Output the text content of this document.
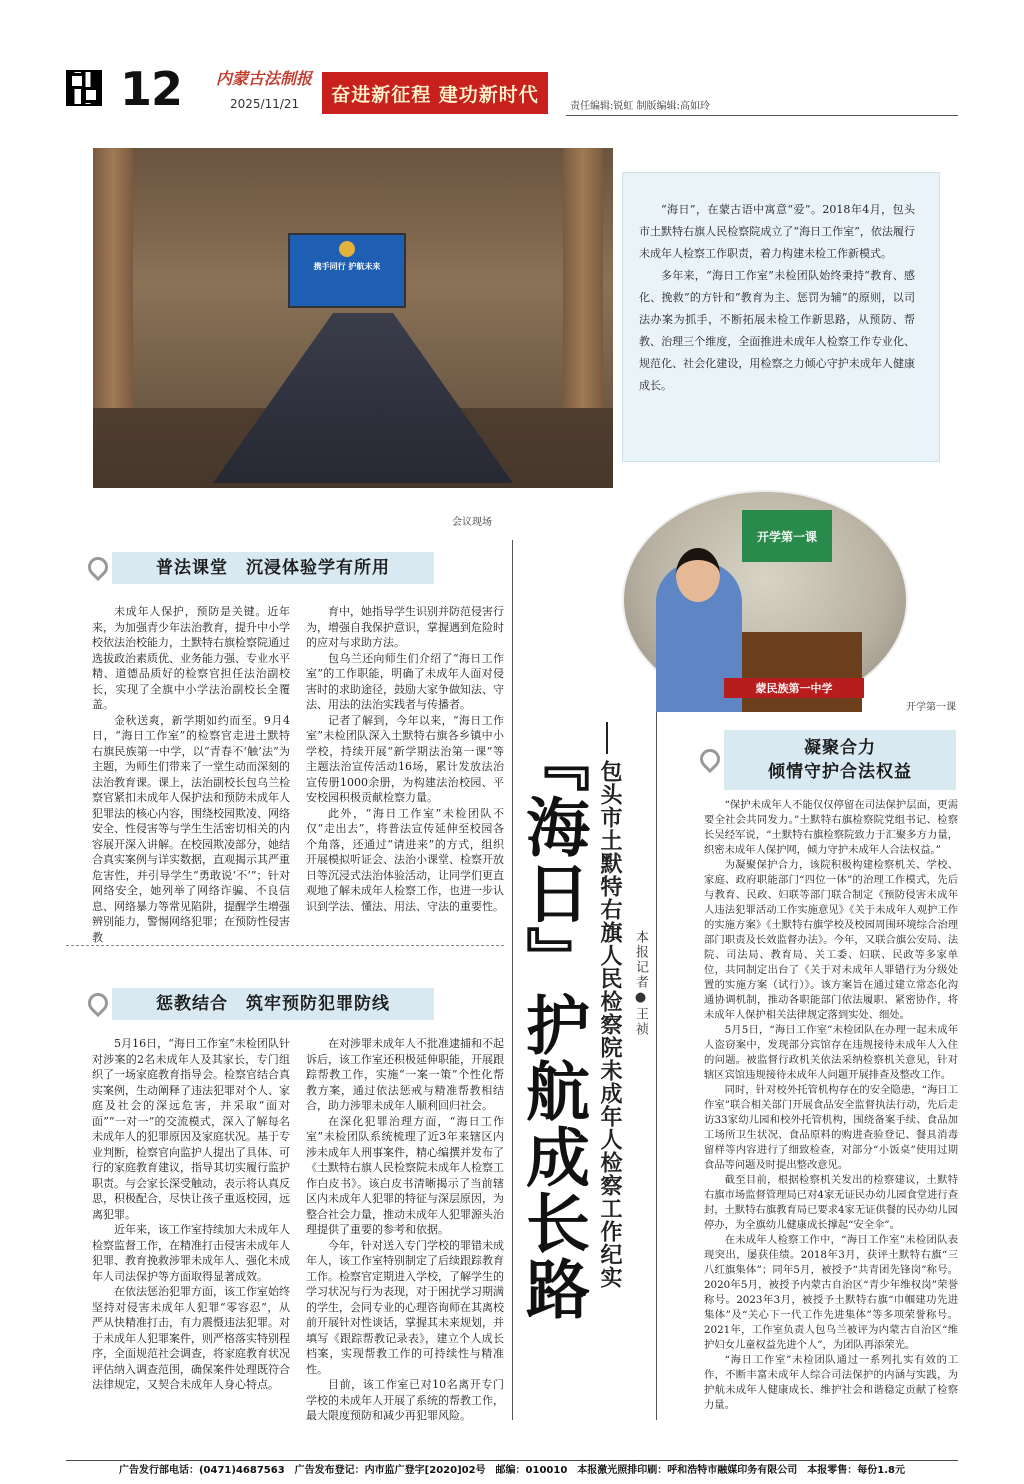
12 内蒙古法制报
2025/11/21	奋进新征程 建功新时代
责任编辑:锐虹 制版编辑:高如玲
携手同行 护航未来
会议现场

“海日”，在蒙古语中寓意“爱”。2018年4月，包头市土默特右旗人民检察院成立了“海日工作室”，依法履行未成年人检察工作职责，着力构建未检工作新模式。

多年来，“海日工作室”未检团队始终秉持“教育、感化、挽救”的方针和“教育为主、惩罚为辅”的原则，以司法办案为抓手，不断拓展未检工作新思路，从预防、帮教、治理三个维度，全面推进未成年人检察工作专业化、规范化、社会化建设，用检察之力倾心守护未成年人健康成长。

开学第一课
蒙民族第一中学
开学第一课
普法课堂　沉浸体验学有所用

未成年人保护，预防是关键。近年来，为加强青少年法治教育，提升中小学校依法治校能力，土默特右旗检察院通过选拔政治素质优、业务能力强、专业水平精、道德品质好的检察官担任法治副校长，实现了全旗中小学法治副校长全覆盖。

金秋送爽，新学期如约而至。9月4日，“海日工作室”的检察官走进土默特右旗民族第一中学，以“青春不‘触’法”为主题，为师生们带来了一堂生动而深刻的法治教育课。课上，法治副校长包乌兰检察官紧扣未成年人保护法和预防未成年人犯罪法的核心内容，围绕校园欺凌、网络安全、性侵害等与学生生活密切相关的内容展开深入讲解。在校园欺凌部分，她结合真实案例与详实数据，直观揭示其严重危害性，并引导学生“勇敢说‘不’”；针对网络安全，她列举了网络诈骗、不良信息、网络暴力等常见陷阱，提醒学生增强辨别能力，警惕网络犯罪；在预防性侵害教

育中，她指导学生识别并防范侵害行为，增强自我保护意识，掌握遇到危险时的应对与求助方法。

包乌兰还向师生们介绍了“海日工作室”的工作职能，明确了未成年人面对侵害时的求助途径，鼓励大家争做知法、守法、用法的法治实践者与传播者。

记者了解到，今年以来，“海日工作室”未检团队深入土默特右旗各乡镇中小学校，持续开展“新学期法治第一课”等主题法治宣传活动16场，累计发放法治宣传册1000余册，为构建法治校园、平安校园积极贡献检察力量。

此外，“海日工作室”未检团队不仅“走出去”，将普法宣传延伸至校园各个角落，还通过“请进来”的方式，组织开展模拟听证会、法治小课堂、检察开放日等沉浸式法治体验活动，让同学们更直观地了解未成年人检察工作，也进一步认识到学法、懂法、用法、守法的重要性。

惩教结合　筑牢预防犯罪防线

5月16日，“海日工作室”未检团队针对涉案的2名未成年人及其家长，专门组织了一场家庭教育指导会。检察官结合真实案例，生动阐释了违法犯罪对个人、家庭及社会的深远危害，并采取“面对面”“一对一”的交流模式，深入了解每名未成年人的犯罪原因及家庭状况。基于专业判断，检察官向监护人提出了具体、可行的家庭教育建议，指导其切实履行监护职责。与会家长深受触动，表示将认真反思，积极配合，尽快让孩子重返校园，远离犯罪。

近年来，该工作室持续加大未成年人检察监督工作，在精准打击侵害未成年人犯罪、教育挽救涉罪未成年人、强化未成年人司法保护等方面取得显著成效。

在依法惩治犯罪方面，该工作室始终坚持对侵害未成年人犯罪“零容忍”，从严从快精准打击，有力震慑违法犯罪。对于未成年人犯罪案件，则严格落实特别程序，全面规范社会调查，将家庭教育状况评估纳入调查范围，确保案件处理既符合法律规定，又契合未成年人身心特点。

在对涉罪未成年人不批准逮捕和不起诉后，该工作室还积极延伸职能，开展跟踪帮教工作，实施“一案一策”个性化帮教方案，通过依法惩戒与精准帮教相结合，助力涉罪未成年人顺利回归社会。

在深化犯罪治理方面，“海日工作室”未检团队系统梳理了近3年来辖区内涉未成年人刑事案件，精心编撰并发布了《土默特右旗人民检察院未成年人检察工作白皮书》。该白皮书清晰揭示了当前辖区内未成年人犯罪的特征与深层原因，为整合社会力量，推动未成年人犯罪源头治理提供了重要的参考和依据。

今年，针对送入专门学校的罪错未成年人，该工作室特别制定了后续跟踪教育工作。检察官定期进入学校，了解学生的学习状况与行为表现，对于困扰学习期满的学生，会同专业的心理咨询师在其离校前开展针对性谈话，掌握其未来规划，并填写《跟踪帮教记录表》，建立个人成长档案，实现帮教工作的可持续性与精准性。

目前，该工作室已对10名离开专门学校的未成年人开展了系统的帮教工作，最大限度预防和减少再犯罪风险。

『海日』护航成长路 包头市土默特右旗人民检察院未成年人检察工作纪实 本报记者●王祯
凝聚合力
倾情守护合法权益

“保护未成年人不能仅仅停留在司法保护层面，更需要全社会共同发力。”土默特右旗检察院党组书记、检察长吴经军说，“土默特右旗检察院致力于汇聚多方力量，织密未成年人保护网，倾力守护未成年人合法权益。”

为凝聚保护合力，该院积极构建检察机关、学校、家庭、政府职能部门“四位一体”的治理工作模式，先后与教育、民政、妇联等部门联合制定《预防侵害未成年人违法犯罪活动工作实施意见》《关于未成年人观护工作的实施方案》《土默特右旗学校及校园周围环境综合治理部门职责及长效监督办法》。今年，又联合旗公安局、法院、司法局、教育局、关工委、妇联、民政等多家单位，共同制定出台了《关于对未成年人罪错行为分级处置的实施方案（试行）》。该方案旨在通过建立常态化沟通协调机制，推动各职能部门依法履职、紧密协作，将未成年人保护相关法律规定落到实处、细处。

5月5日，“海日工作室”未检团队在办理一起未成年人盗窃案中，发现部分宾馆存在违规接待未成年人入住的问题。被监督行政机关依法采纳检察机关意见，针对辖区宾馆违规接待未成年人问题开展排查及整改工作。

同时，针对校外托管机构存在的安全隐患，“海日工作室”联合相关部门开展食品安全监督执法行动，先后走访33家幼儿园和校外托管机构，围绕备案手续、食品加工场所卫生状况、食品原料的购进查验登记、餐具消毒留样等内容进行了细致检查，对部分“小饭桌”使用过期食品等问题及时提出整改意见。

截至目前，根据检察机关发出的检察建议，土默特右旗市场监督管理局已对4家无证民办幼儿园食堂进行查封，土默特右旗教育局已要求4家无证供餐的民办幼儿园停办，为全旗幼儿健康成长撑起“安全伞”。

在未成年人检察工作中，“海日工作室”未检团队表现突出，屡获佳绩。2018年3月，获评土默特右旗“三八红旗集体”；同年5月，被授予“共青团先锋岗”称号。2020年5月，被授予内蒙古自治区“青少年维权岗”荣誉称号。2023年3月，被授予土默特右旗“巾帼建功先进集体”及“关心下一代工作先进集体”等多项荣誉称号。2021年，工作室负责人包乌兰被评为内蒙古自治区“维护妇女儿童权益先进个人”，为团队再添荣光。

“海日工作室”未检团队通过一系列扎实有效的工作，不断丰富未成年人综合司法保护的内涵与实践，为护航未成年人健康成长、维护社会和谐稳定贡献了检察力量。

广告发行部电话：(0471)4687563　广告发布登记：内市监广登字[2020]02号　邮编：010010　本报激光照排印刷：呼和浩特市融媒印务有限公司　本报零售：每份1.8元
